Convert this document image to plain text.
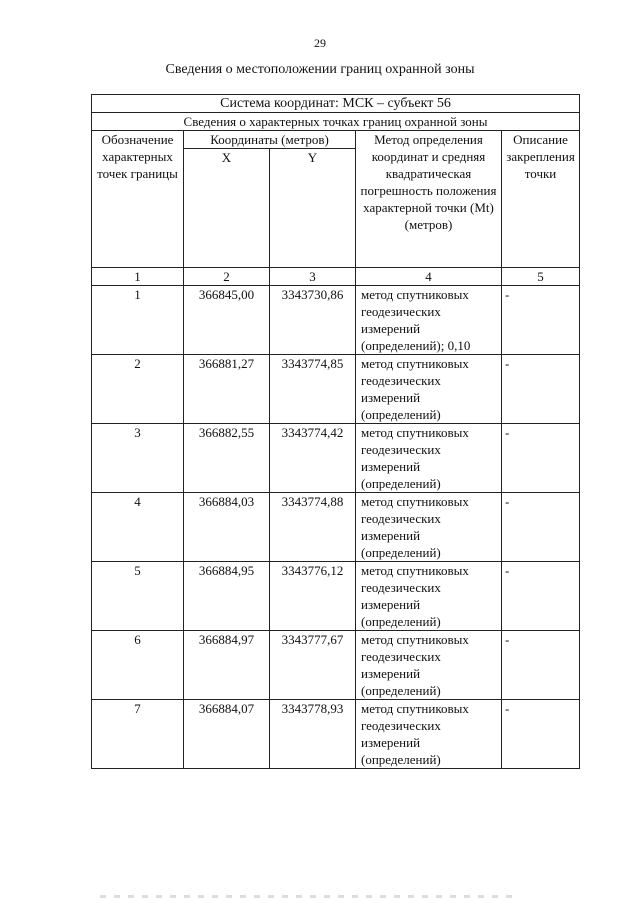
29
Сведения о местоположении границ охранной зоны
Система координат: МСК – субъект 56				
Сведения о характерных точках границ охранной зоны				
Обозначение характерных точек границы	Координаты (метров)		Метод определения координат и средняя квадратическая погрешность положения характерной точки (Mt) (метров)	Описание закрепления точки
	X	Y		
1	2	3	4	5
1	366845,00	3343730,86	метод спутниковых геодезических измерений (определений); 0,10	-
2	366881,27	3343774,85	метод спутниковых геодезических измерений (определений)	-
3	366882,55	3343774,42	метод спутниковых геодезических измерений (определений)	-
4	366884,03	3343774,88	метод спутниковых геодезических измерений (определений)	-
5	366884,95	3343776,12	метод спутниковых геодезических измерений (определений)	-
6	366884,97	3343777,67	метод спутниковых геодезических измерений (определений)	-
7	366884,07	3343778,93	метод спутниковых геодезических измерений (определений)	-
